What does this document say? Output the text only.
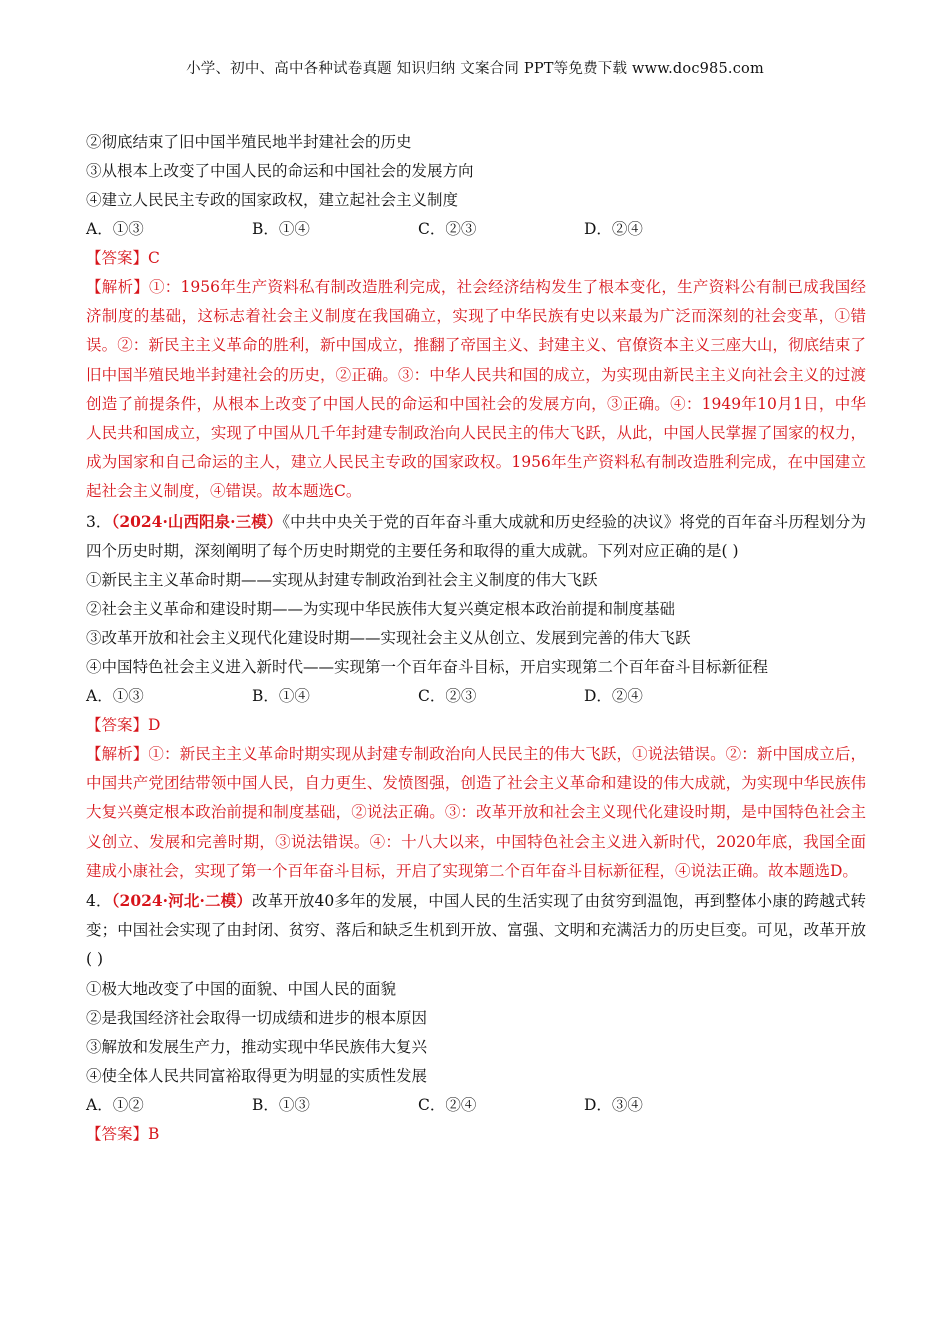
小学、初中、高中各种试卷真题 知识归纳 文案合同 PPT等免费下载 www.doc985.com
②彻底结束了旧中国半殖民地半封建社会的历史
③从根本上改变了中国人民的命运和中国社会的发展方向
④建立人民民主专政的国家政权，建立起社会主义制度
A．①③	B．①④	C．②③	D．②④
【答案】C

【解析】①：1956年生产资料私有制改造胜利完成，社会经济结构发生了根本变化，生产资料公有制已成我国经济制度的基础，这标志着社会主义制度在我国确立，实现了中华民族有史以来最为广泛而深刻的社会变革，①错误。②：新民主主义革命的胜利，新中国成立，推翻了帝国主义、封建主义、官僚资本主义三座大山，彻底结束了旧中国半殖民地半封建社会的历史，②正确。③：中华人民共和国的成立，为实现由新民主主义向社会主义的过渡创造了前提条件，从根本上改变了中国人民的命运和中国社会的发展方向，③正确。④：1949年10月1日，中华人民共和国成立，实现了中国从几千年封建专制政治向人民民主的伟大飞跃，从此，中国人民掌握了国家的权力，成为国家和自己命运的主人，建立人民民主专政的国家政权。1956年生产资料私有制改造胜利完成，在中国建立起社会主义制度，④错误。故本题选C。

3．（2024·山西阳泉·三模）《中共中央关于党的百年奋斗重大成就和历史经验的决议》将党的百年奋斗历程划分为四个历史时期，深刻阐明了每个历史时期党的主要任务和取得的重大成就。下列对应正确的是( )

①新民主主义革命时期——实现从封建专制政治到社会主义制度的伟大飞跃
②社会主义革命和建设时期——为实现中华民族伟大复兴奠定根本政治前提和制度基础
③改革开放和社会主义现代化建设时期——实现社会主义从创立、发展到完善的伟大飞跃
④中国特色社会主义进入新时代——实现第一个百年奋斗目标，开启实现第二个百年奋斗目标新征程
A．①③	B．①④	C．②③	D．②④
【答案】D

【解析】①：新民主主义革命时期实现从封建专制政治向人民民主的伟大飞跃，①说法错误。②：新中国成立后，中国共产党团结带领中国人民，自力更生、发愤图强，创造了社会主义革命和建设的伟大成就，为实现中华民族伟大复兴奠定根本政治前提和制度基础，②说法正确。③：改革开放和社会主义现代化建设时期，是中国特色社会主义创立、发展和完善时期，③说法错误。④：十八大以来，中国特色社会主义进入新时代，2020年底，我国全面建成小康社会，实现了第一个百年奋斗目标，开启了实现第二个百年奋斗目标新征程，④说法正确。故本题选D。

4．（2024·河北·二模）改革开放40多年的发展，中国人民的生活实现了由贫穷到温饱，再到整体小康的跨越式转变；中国社会实现了由封闭、贫穷、落后和缺乏生机到开放、富强、文明和充满活力的历史巨变。可见，改革开放( )

①极大地改变了中国的面貌、中国人民的面貌
②是我国经济社会取得一切成绩和进步的根本原因
③解放和发展生产力，推动实现中华民族伟大复兴
④使全体人民共同富裕取得更为明显的实质性发展
A．①②	B．①③	C．②④	D．③④
【答案】B
